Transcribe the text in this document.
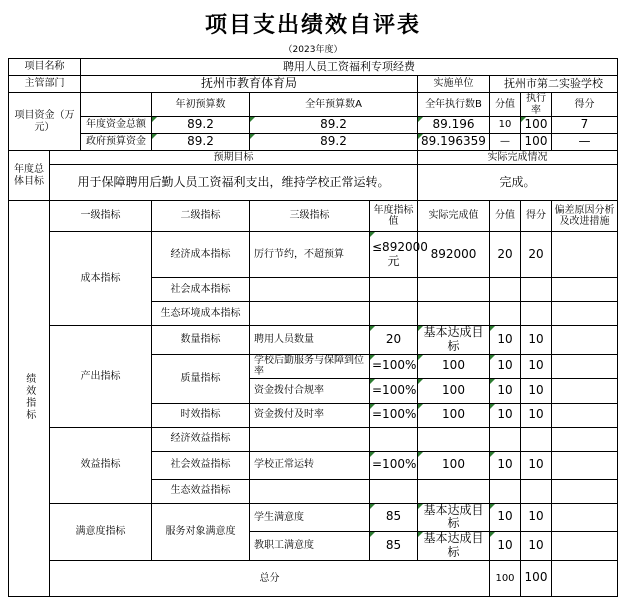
项目支出绩效自评表
（2023年度）
项目名称		聘用人员工资福利专项经费							
主管部门		抚州市教育体育局				实施单位	抚州市第二实验学校		
项目资金（万元）			年初预算数	全年预算数A		全年执行数B	分值	执行率	得分
		年度资金总额	89.2	89.2		89.196	10	100	7
		政府预算资金	89.2	89.2		89.196359	—	100	—
年度总体目标	预期目标					实际完成情况			
	用于保障聘用后勤人员工资福利支出，维持学校正常运转。					完成。			
绩效指标	一级指标		二级指标	三级指标	年度指标值	实际完成值	分值	得分	偏差原因分析及改进措施
	成本指标		经济成本指标	厉行节约，不超预算	≤892000元	892000	20	20	
			社会成本指标						
			生态环境成本指标						
	产出指标		数量指标	聘用人员数量	20	基本达成目标	10	10	
			质量指标	学校后勤服务与保障到位率	=100%	100	10	10	
				资金拨付合规率	=100%	100	10	10	
			时效指标	资金拨付及时率	=100%	100	10	10	
	效益指标		经济效益指标						
			社会效益指标	学校正常运转	=100%	100	10	10	
			生态效益指标						
	满意度指标		服务对象满意度	学生满意度	85	基本达成目标	10	10	
				教职工满意度	85	基本达成目标	10	10	
	总分						100	100	
